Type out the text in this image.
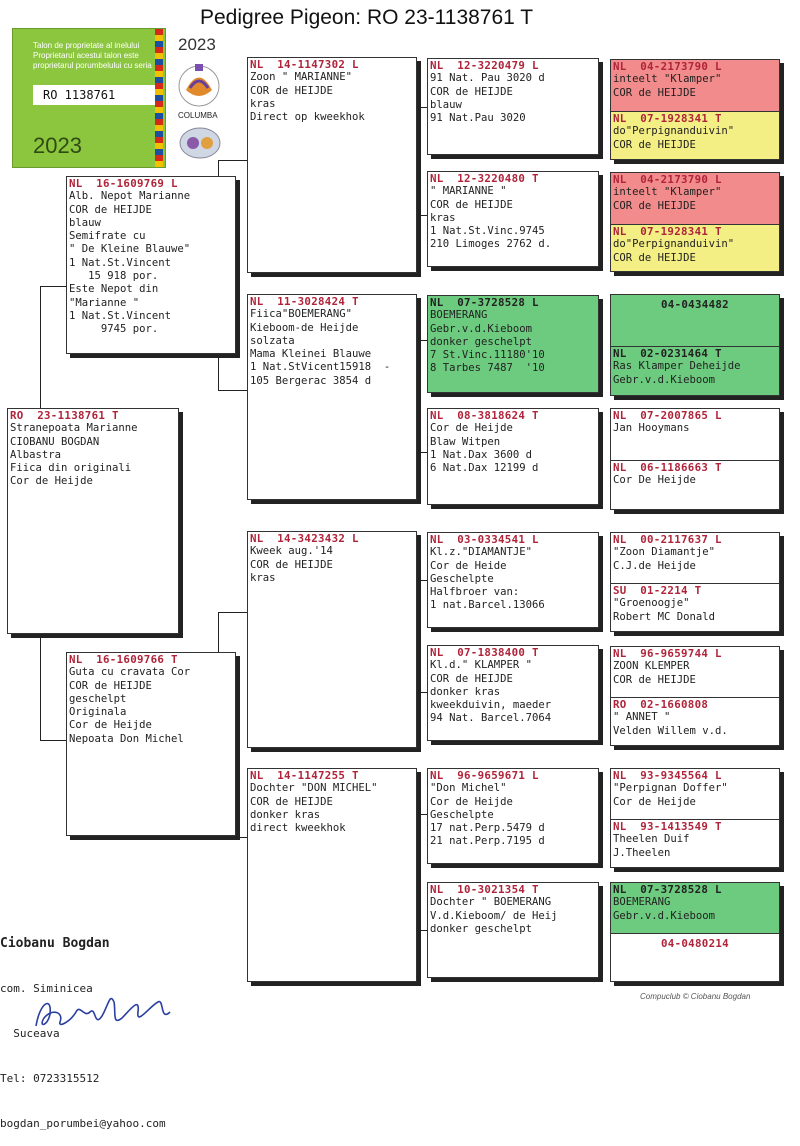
Pedigree Pigeon: RO 23-1138761 T
Talon de proprietate al inelului
Proprietarul acestui talon este
proprietarul porumbelului cu seria
RO 1138761
2023
2023
COLUMBA
RO  23-1138761 T
Stranepoata Marianne
CIOBANU BOGDAN
Albastra
Fiica din originali
Cor de Heijde
NL  16-1609769 L
Alb. Nepot Marianne
COR de HEIJDE
blauw
Semifrate cu
" De Kleine Blauwe"
1 Nat.St.Vincent
15 918 por.
Este Nepot din
"Marianne "
1 Nat.St.Vincent
9745 por.
NL  16-1609766 T
Guta cu cravata Cor
COR de HEIJDE
geschelpt
Originala
Cor de Heijde
Nepoata Don Michel
NL  14-1147302 L
Zoon " MARIANNE"
COR de HEIJDE
kras
Direct op kweekhok
NL  11-3028424 T
Fiica"BOEMERANG"
Kieboom-de Heijde
solzata
Mama Kleinei Blauwe
1 Nat.StVicent15918  -
105 Bergerac 3854 d
NL  14-3423432 L
Kweek aug.'14
COR de HEIJDE
kras
NL  14-1147255 T
Dochter "DON MICHEL"
COR de HEIJDE
donker kras
direct kweekhok
NL  12-3220479 L
91 Nat. Pau 3020 d
COR de HEIJDE
blauw
91 Nat.Pau 3020
NL  12-3220480 T
" MARIANNE "
COR de HEIJDE
kras
1 Nat.St.Vinc.9745
210 Limoges 2762 d.
NL  07-3728528 L
BOEMERANG
Gebr.v.d.Kieboom
donker geschelpt
7 St.Vinc.11180'10
8 Tarbes 7487  '10
NL  08-3818624 T
Cor de Heijde
Blaw Witpen
1 Nat.Dax 3600 d
6 Nat.Dax 12199 d
NL  03-0334541 L
Kl.z."DIAMANTJE"
Cor de Heide
Geschelpte
Halfbroer van:
1 nat.Barcel.13066
NL  07-1838400 T
Kl.d." KLAMPER "
COR de HEIJDE
donker kras
kweekduivin, maeder
94 Nat. Barcel.7064
NL  96-9659671 L
"Don Michel"
Cor de Heijde
Geschelpte
17 nat.Perp.5479 d
21 nat.Perp.7195 d
NL  10-3021354 T
Dochter " BOEMERANG
V.d.Kieboom/ de Heij
donker geschelpt
NL  04-2173790 L
inteelt "Klamper"
COR de HEIJDE
NL  07-1928341 T
do"Perpignanduivin"
COR de HEIJDE
NL  04-2173790 L
inteelt "Klamper"
COR de HEIJDE
NL  07-1928341 T
do"Perpignanduivin"
COR de HEIJDE
04-0434482
NL  02-0231464 T
Ras Klamper Deheijde
Gebr.v.d.Kieboom
NL  07-2007865 L
Jan Hooymans
NL  06-1186663 T
Cor De Heijde
NL  00-2117637 L
"Zoon Diamantje"
C.J.de Heijde
SU  01-2214 T
"Groenoogje"
Robert MC Donald
NL  96-9659744 L
ZOON KLEMPER
COR de HEIJDE
RO  02-1660808
" ANNET "
Velden Willem v.d.
NL  93-9345564 L
"Perpignan Doffer"
Cor de Heijde
NL  93-1413549 T
Theelen Duif
J.Theelen
NL  07-3728528 L
BOEMERANG
Gebr.v.d.Kieboom
04-0480214

Ciobanu Bogdan

com. Siminicea

Suceava

Tel: 0723315512

bogdan_porumbei@yahoo.com

Compuclub © Ciobanu Bogdan
